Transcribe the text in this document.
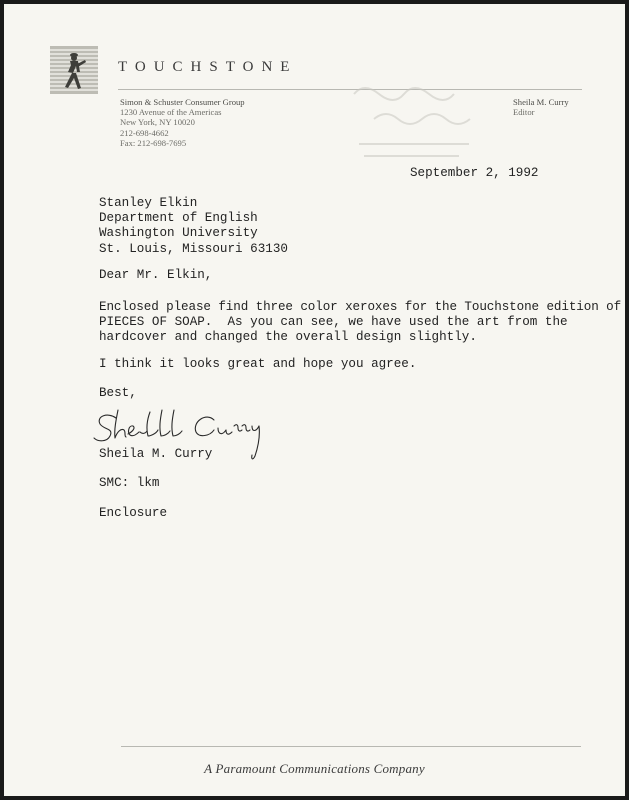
TOUCHSTONE
Simon & Schuster Consumer Group
1230 Avenue of the Americas
New York, NY 10020
212-698-4662
Fax: 212-698-7695
Sheila M. Curry
Editor
September 2, 1992
Stanley Elkin
Department of English
Washington University
St. Louis, Missouri 63130
Dear Mr. Elkin,
Enclosed please find three color xeroxes for the Touchstone edition of
PIECES OF SOAP.  As you can see, we have used the art from the
hardcover and changed the overall design slightly.
I think it looks great and hope you agree.
Best,
Sheila M. Curry
SMC: lkm
Enclosure
A Paramount Communications Company
